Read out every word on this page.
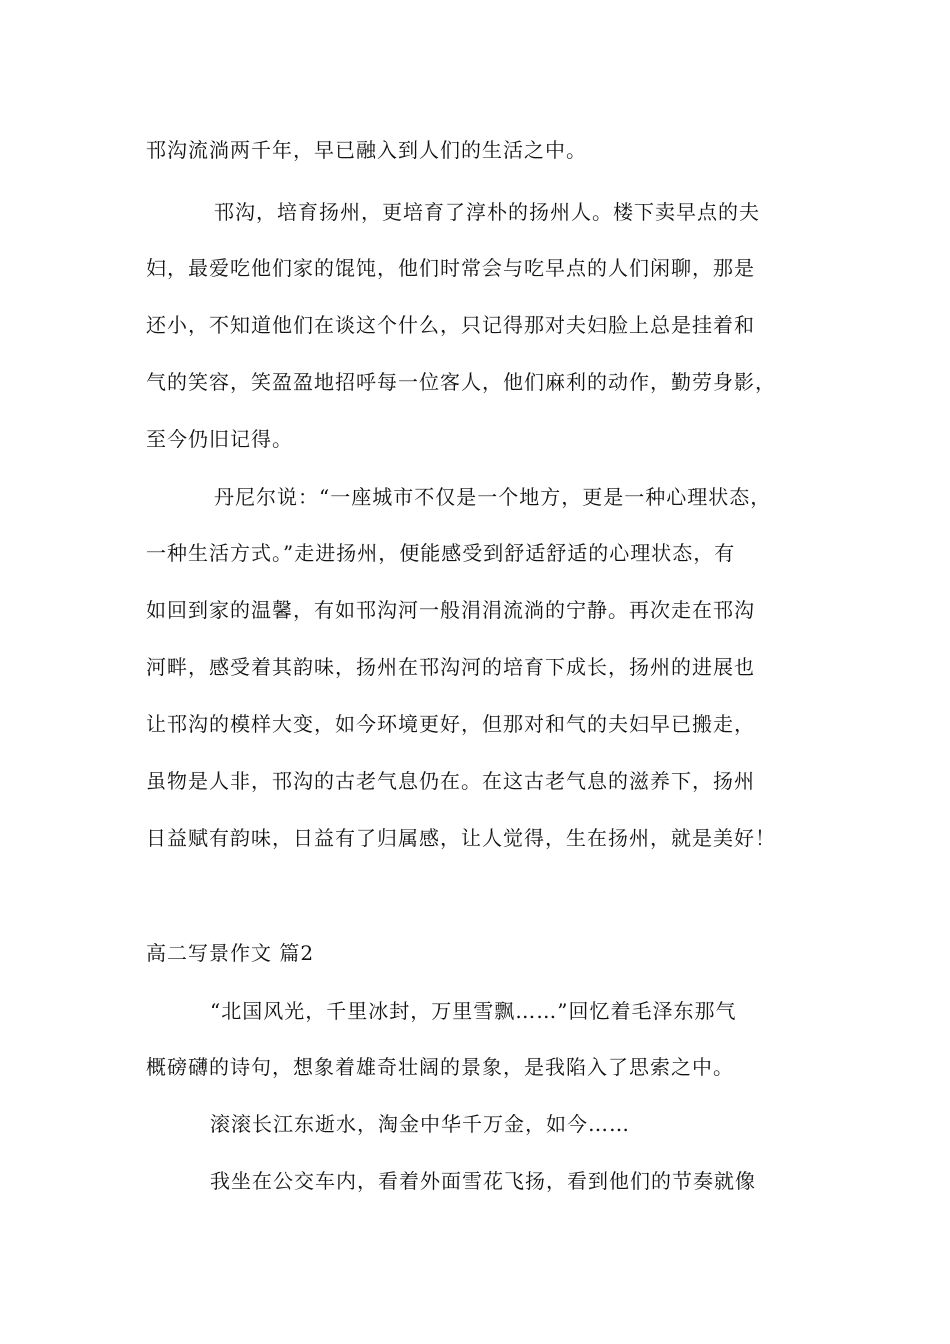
邗沟流淌两千年，早已融入到人们的生活之中。
邗沟，培育扬州，更培育了淳朴的扬州人。楼下卖早点的夫
妇，最爱吃他们家的馄饨，他们时常会与吃早点的人们闲聊，那是
还小，不知道他们在谈这个什么，只记得那对夫妇脸上总是挂着和
气的笑容，笑盈盈地招呼每一位客人，他们麻利的动作，勤劳身影，
至今仍旧记得。
丹尼尔说：“一座城市不仅是一个地方，更是一种心理状态，
一种生活方式。”走进扬州，便能感受到舒适舒适的心理状态，有
如回到家的温馨，有如邗沟河一般涓涓流淌的宁静。再次走在邗沟
河畔，感受着其韵味，扬州在邗沟河的培育下成长，扬州的进展也
让邗沟的模样大变，如今环境更好，但那对和气的夫妇早已搬走，
虽物是人非，邗沟的古老气息仍在。在这古老气息的滋养下，扬州
日益赋有韵味，日益有了归属感，让人觉得，生在扬州，就是美好！
高二写景作文 篇2
“北国风光，千里冰封，万里雪飘……”回忆着毛泽东那气
概磅礴的诗句，想象着雄奇壮阔的景象，是我陷入了思索之中。
滚滚长江东逝水，淘金中华千万金，如今……
我坐在公交车内，看着外面雪花飞扬，看到他们的节奏就像
